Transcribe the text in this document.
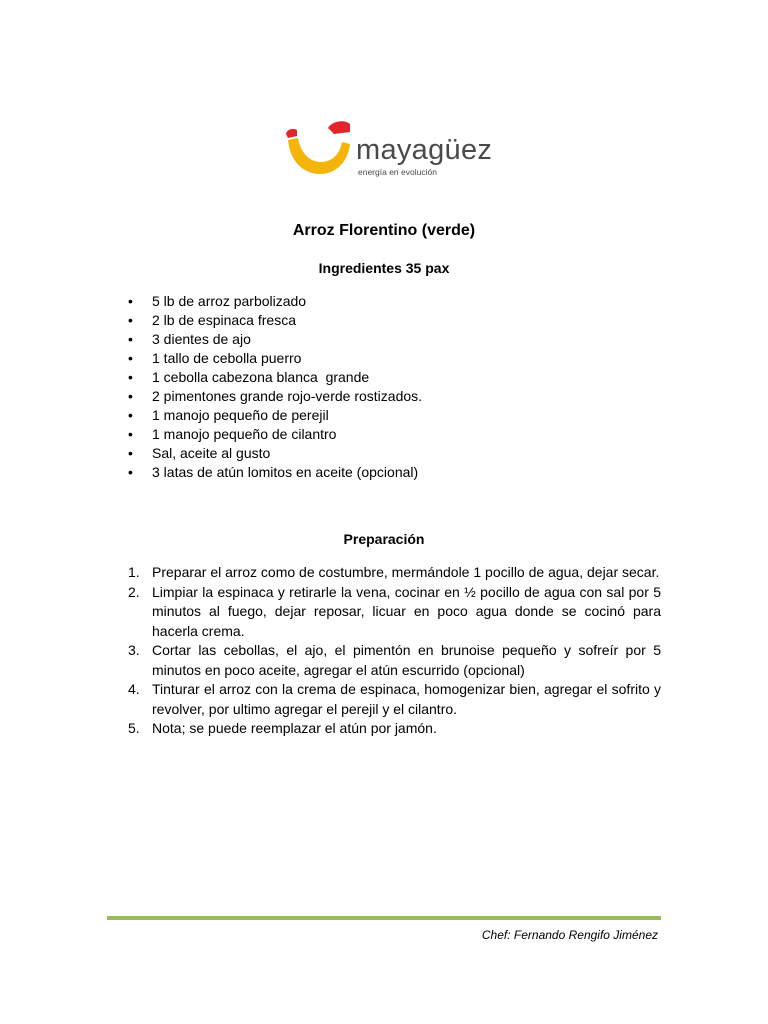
mayagüez
energía en evolución
Arroz Florentino (verde)
Ingredientes 35 pax
• 5 lb de arroz parbolizado
• 2 lb de espinaca fresca
• 3 dientes de ajo
• 1 tallo de cebolla puerro
• 1 cebolla cabezona blanca  grande
• 2 pimentones grande rojo-verde rostizados.
• 1 manojo pequeño de perejil
• 1 manojo pequeño de cilantro
• Sal, aceite al gusto
• 3 latas de atún lomitos en aceite (opcional)
Preparación
1. Preparar el arroz como de costumbre, mermándole 1 pocillo de agua, dejar secar.
2. Limpiar la espinaca y retirarle la vena, cocinar en ½ pocillo de agua con sal por 5 minutos al fuego, dejar reposar, licuar en poco agua donde se cocinó para hacerla crema.
3. Cortar las cebollas, el ajo, el pimentón en brunoise pequeño y sofreír por 5 minutos en poco aceite, agregar el atún escurrido (opcional)
4. Tinturar el arroz con la crema de espinaca, homogenizar bien, agregar el sofrito y revolver, por ultimo agregar el perejil y el cilantro.
5. Nota; se puede reemplazar el atún por jamón.
Chef: Fernando Rengifo Jiménez
